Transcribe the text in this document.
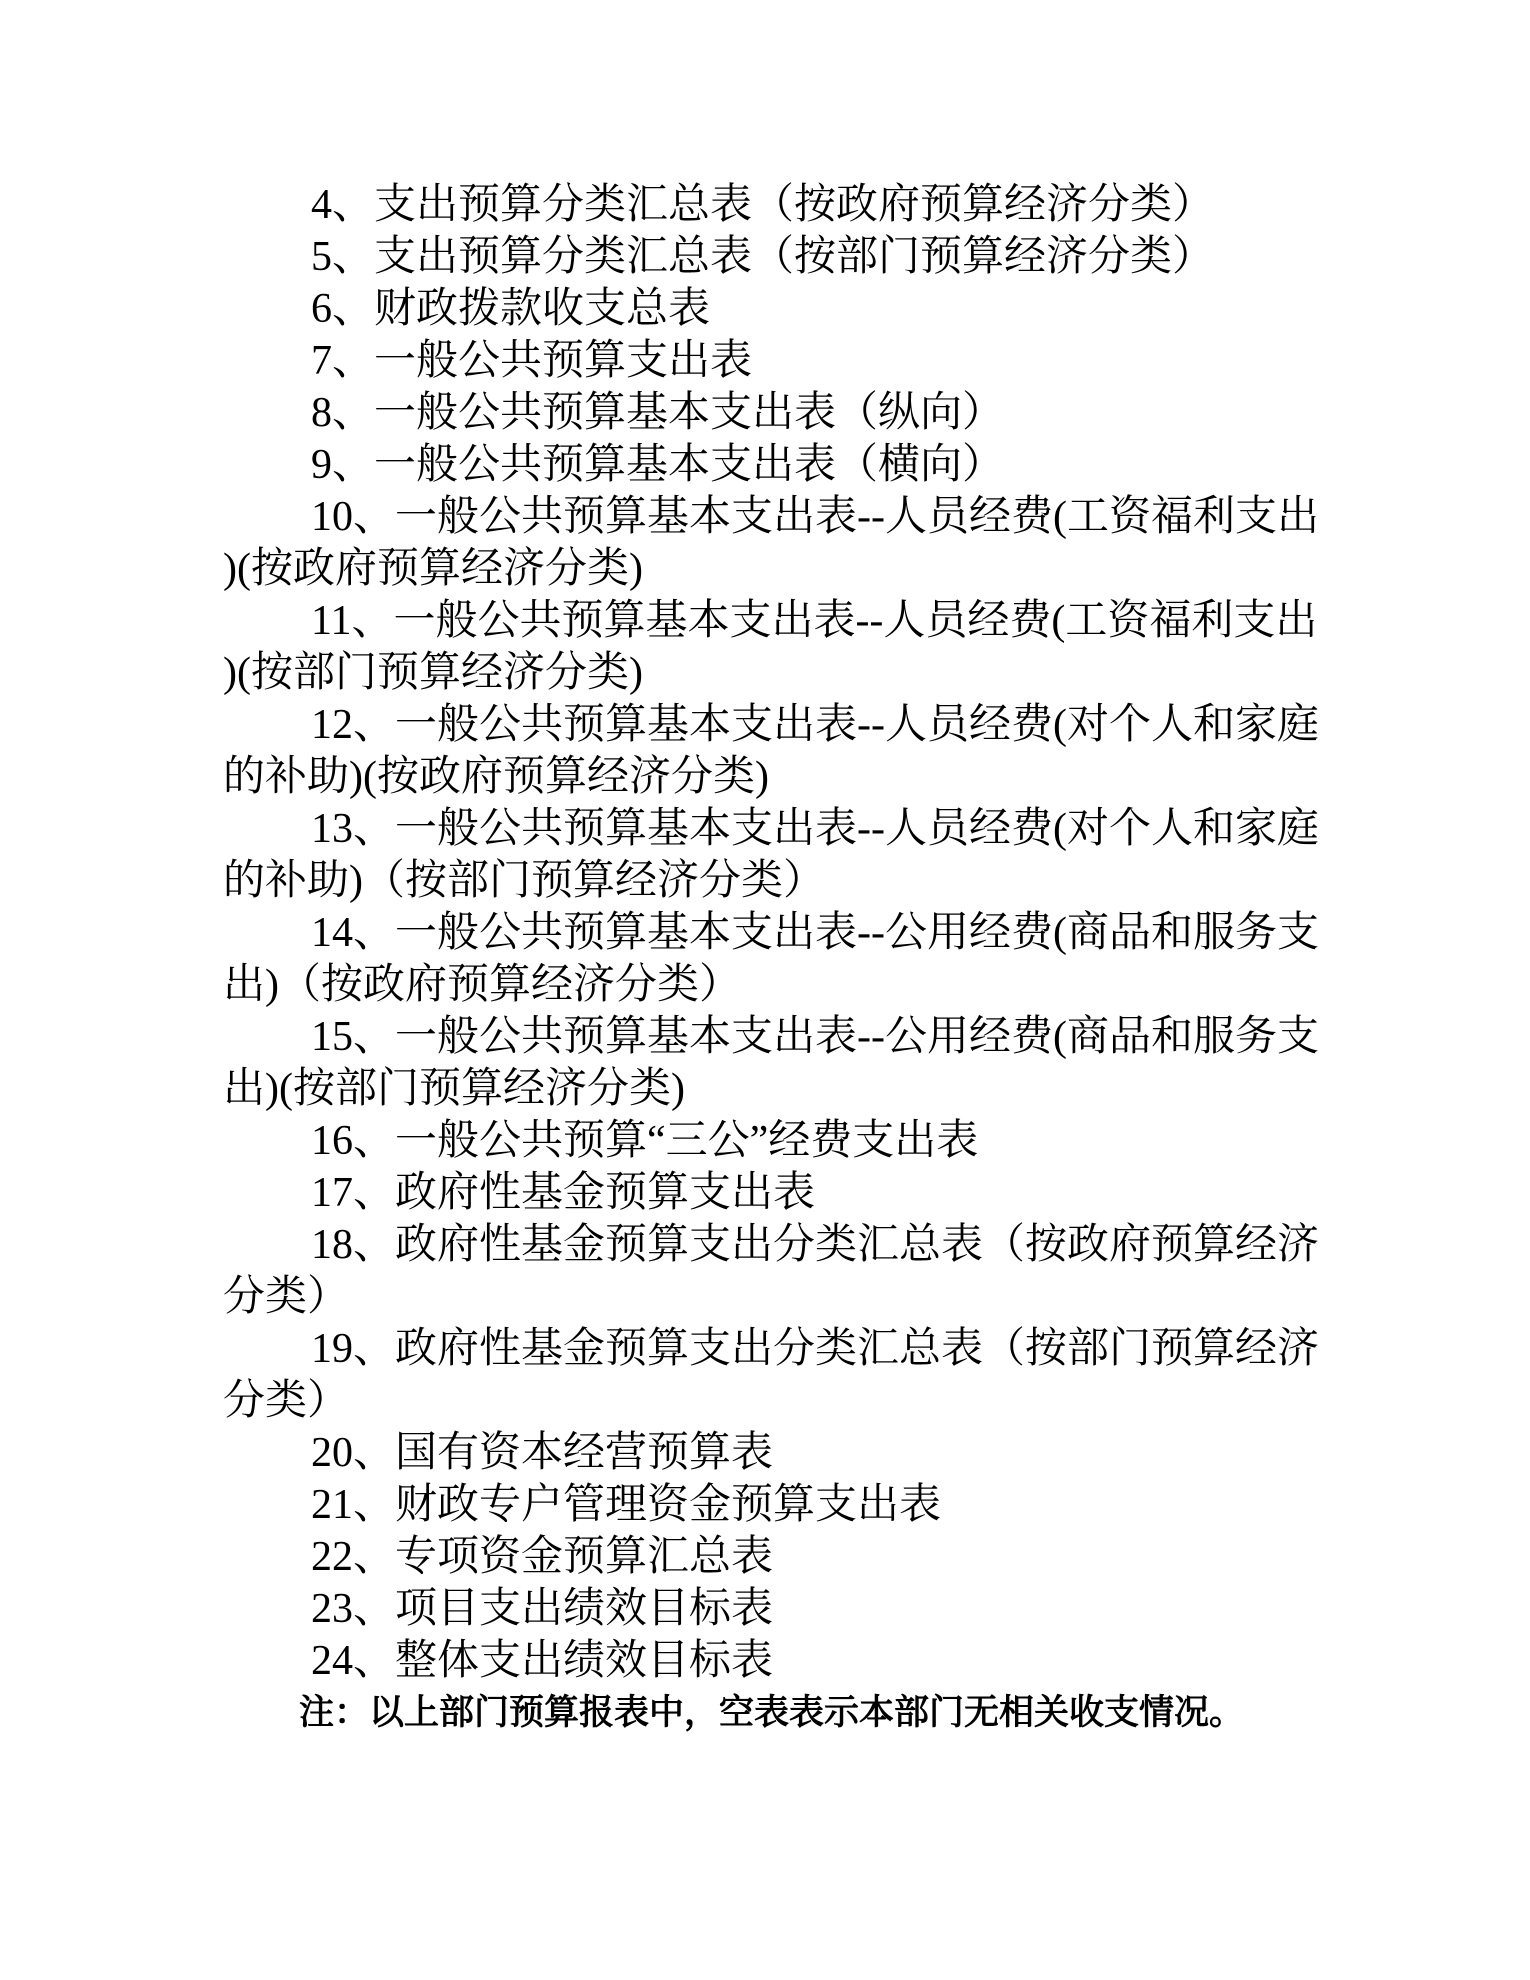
4、支出预算分类汇总表（按政府预算经济分类）
5、支出预算分类汇总表（按部门预算经济分类）
6、财政拨款收支总表
7、一般公共预算支出表
8、一般公共预算基本支出表（纵向）
9、一般公共预算基本支出表（横向）
10、一般公共预算基本支出表--人员经费(工资福利支出
)(按政府预算经济分类)
11、一般公共预算基本支出表--人员经费(工资福利支出
)(按部门预算经济分类)
12、一般公共预算基本支出表--人员经费(对个人和家庭
的补助)(按政府预算经济分类)
13、一般公共预算基本支出表--人员经费(对个人和家庭
的补助)（按部门预算经济分类）
14、一般公共预算基本支出表--公用经费(商品和服务支
出)（按政府预算经济分类）
15、一般公共预算基本支出表--公用经费(商品和服务支
出)(按部门预算经济分类)
16、一般公共预算“三公”经费支出表
17、政府性基金预算支出表
18、政府性基金预算支出分类汇总表（按政府预算经济
分类）
19、政府性基金预算支出分类汇总表（按部门预算经济
分类）
20、国有资本经营预算表
21、财政专户管理资金预算支出表
22、专项资金预算汇总表
23、项目支出绩效目标表
24、整体支出绩效目标表
注：以上部门预算报表中，空表表示本部门无相关收支情况。
